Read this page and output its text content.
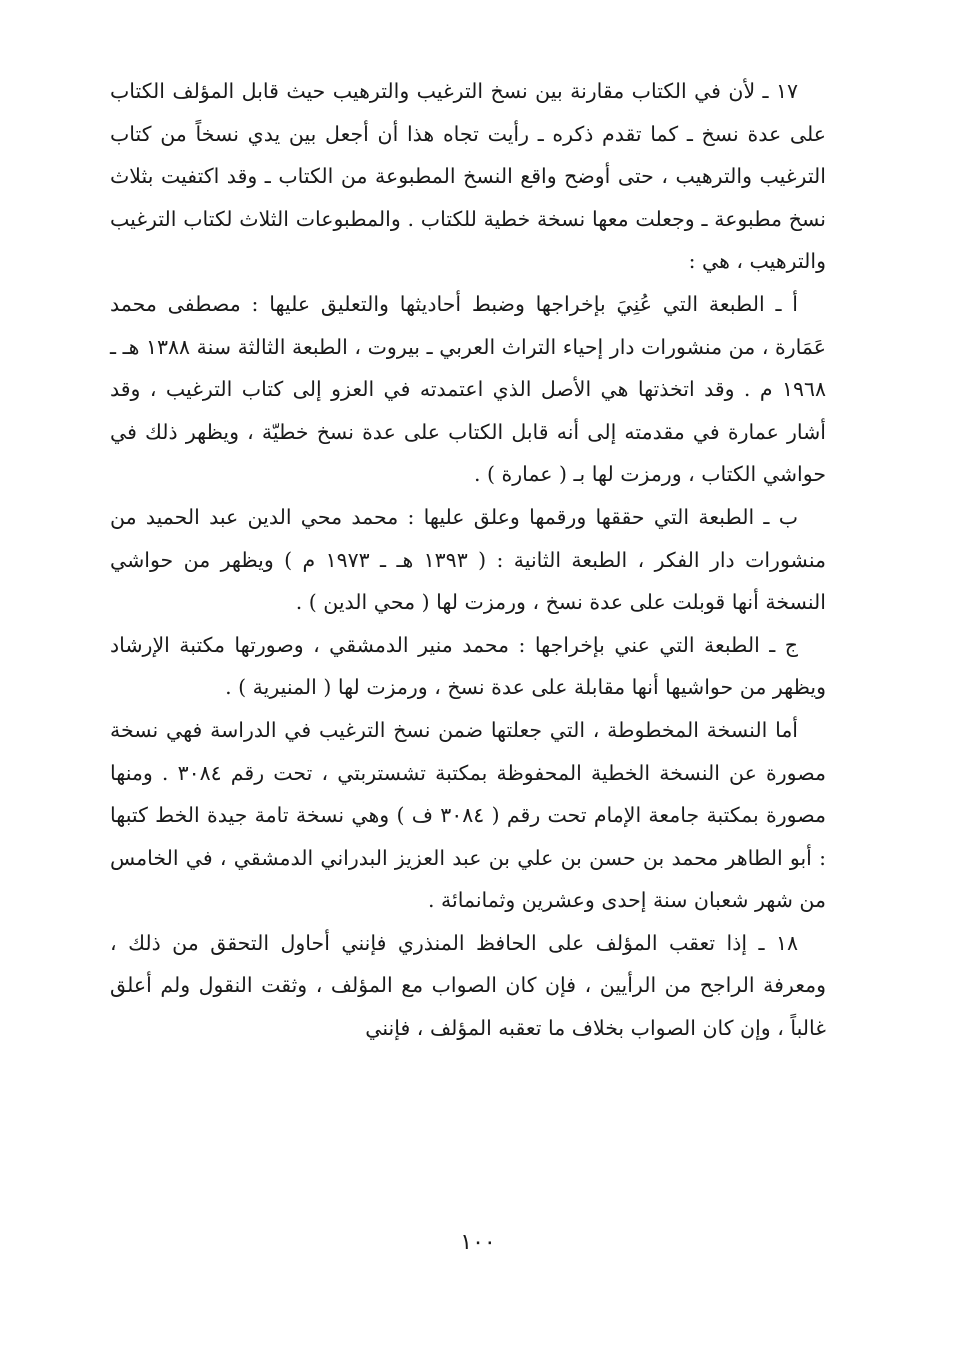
١٧ ـ لأن في الكتاب مقارنة بين نسخ الترغيب والترهيب حيث قابل المؤلف الكتاب على عدة نسخ ـ كما تقدم ذكره ـ رأيت تجاه هذا أن أجعل بين يدي نسخاً من كتاب الترغيب والترهيب ، حتى أوضح واقع النسخ المطبوعة من الكتاب ـ وقد اكتفيت بثلاث نسخ مطبوعة ـ وجعلت معها نسخة خطية للكتاب . والمطبوعات الثلاث لكتاب الترغيب والترهيب ، هي :

أ ـ الطبعة التي عُنِيَ بإخراجها وضبط أحاديثها والتعليق عليها : مصطفى محمد عَمَارة ، من منشورات دار إحياء التراث العربي ـ بيروت ، الطبعة الثالثة سنة ١٣٨٨ هـ ـ ١٩٦٨ م . وقد اتخذتها هي الأصل الذي اعتمدته في العزو إلى كتاب الترغيب ، وقد أشار عمارة في مقدمته إلى أنه قابل الكتاب على عدة نسخ خطيّة ، ويظهر ذلك في حواشي الكتاب ، ورمزت لها بـ ( عمارة ) .

ب ـ الطبعة التي حققها ورقمها وعلق عليها : محمد محي الدين عبد الحميد من منشورات دار الفكر ، الطبعة الثانية : ( ١٣٩٣ هـ ـ ١٩٧٣ م ) ويظهر من حواشي النسخة أنها قوبلت على عدة نسخ ، ورمزت لها ( محي الدين ) .

ج ـ الطبعة التي عني بإخراجها : محمد منير الدمشقي ، وصورتها مكتبة الإرشاد ويظهر من حواشيها أنها مقابلة على عدة نسخ ، ورمزت لها ( المنيرية ) .

أما النسخة المخطوطة ، التي جعلتها ضمن نسخ الترغيب في الدراسة فهي نسخة مصورة عن النسخة الخطية المحفوظة بمكتبة تشستربتي ، تحت رقم ٣٠٨٤ . ومنها مصورة بمكتبة جامعة الإمام تحت رقم ( ٣٠٨٤ ف ) وهي نسخة تامة جيدة الخط كتبها : أبو الطاهر محمد بن حسن بن علي بن عبد العزيز البدراني الدمشقي ، في الخامس من شهر شعبان سنة إحدى وعشرين وثمانمائة .

١٨ ـ إذا تعقب المؤلف على الحافظ المنذري فإنني أحاول التحقق من ذلك ، ومعرفة الراجح من الرأيين ، فإن كان الصواب مع المؤلف ، وثقت النقول ولم أعلق غالباً ، وإن كان الصواب بخلاف ما تعقبه المؤلف ، فإنني

١٠٠
